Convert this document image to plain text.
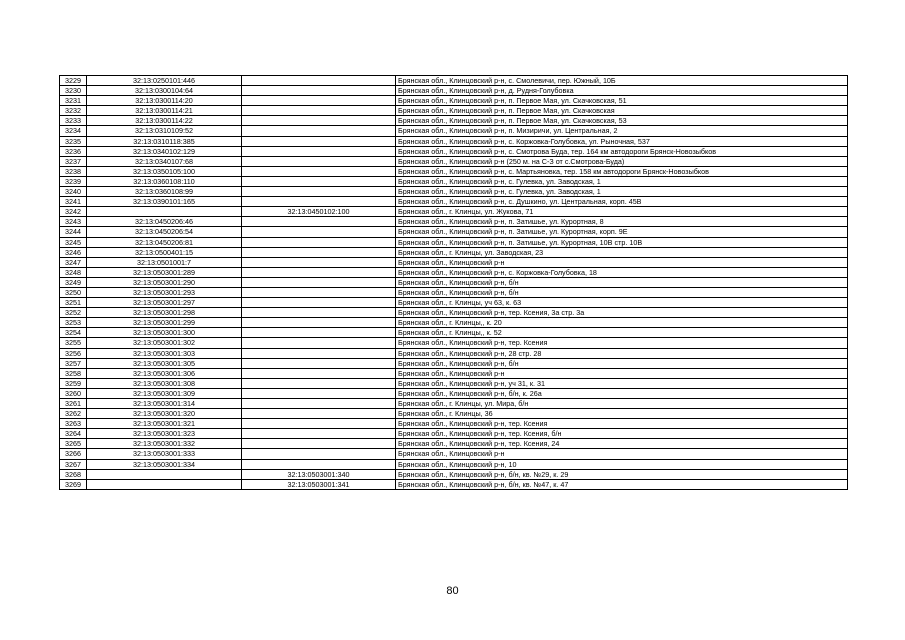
3229	32:13:0250101:446		Брянская обл., Клинцовский р-н, с. Смолевичи, пер. Южный, 10Б
3230	32:13:0300104:64		Брянская обл., Клинцовский р-н, д. Рудня-Голубовка
3231	32:13:0300114:20		Брянская обл., Клинцовский р-н, п. Первое Мая, ул. Скачковская, 51
3232	32:13:0300114:21		Брянская обл., Клинцовский р-н, п. Первое Мая, ул. Скачковская
3233	32:13:0300114:22		Брянская обл., Клинцовский р-н, п. Первое Мая, ул. Скачковская, 53
3234	32:13:0310109:52		Брянская обл., Клинцовский р-н, п. Мизиричи, ул. Центральная, 2
3235	32:13:0310118:385		Брянская обл., Клинцовский р-н, с. Коржовка-Голубовка, ул. Рыночная, 537
3236	32:13:0340102:129		Брянская обл., Клинцовский р-н, с. Смотрова Буда, тер. 164 км автодороги Брянск-Новозыбков
3237	32:13:0340107:68		Брянская обл., Клинцовский р-н (250 м. на С-З от с.Смотрова-Буда)
3238	32:13:0350105:100		Брянская обл., Клинцовский р-н, с. Мартьяновка, тер. 158 км автодороги Брянск-Новозыбков
3239	32:13:0360108:110		Брянская обл., Клинцовский р-н, с. Гулевка, ул. Заводская, 1
3240	32:13:0360108:99		Брянская обл., Клинцовский р-н, с. Гулевка, ул. Заводская, 1
3241	32:13:0390101:165		Брянская обл., Клинцовский р-н, с. Душкино, ул. Центральная, корп. 45В
3242		32:13:0450102:100	Брянская обл., г. Клинцы, ул. Жукова, 71
3243	32:13:0450206:46		Брянская обл., Клинцовский р-н, п. Затишье, ул. Курортная, 8
3244	32:13:0450206:54		Брянская обл., Клинцовский р-н, п. Затишье, ул. Курортная, корп. 9Е
3245	32:13:0450206:81		Брянская обл., Клинцовский р-н, п. Затишье, ул. Курортная, 10В стр. 10В
3246	32:13:0500401:15		Брянская обл., г. Клинцы, ул. Заводская, 23
3247	32:13:0501001:7		Брянская обл., Клинцовский р-н
3248	32:13:0503001:289		Брянская обл., Клинцовский р-н, с. Коржовка-Голубовка, 18
3249	32:13:0503001:290		Брянская обл., Клинцовский р-н, б/н
3250	32:13:0503001:293		Брянская обл., Клинцовский р-н, б/н
3251	32:13:0503001:297		Брянская обл., г. Клинцы, уч 63, к. 63
3252	32:13:0503001:298		Брянская обл., Клинцовский р-н, тер. Ксения, 3а стр. 3а
3253	32:13:0503001:299		Брянская обл., г. Клинцы,, к. 20
3254	32:13:0503001:300		Брянская обл., г. Клинцы,, к. 52
3255	32:13:0503001:302		Брянская обл., Клинцовский р-н, тер. Ксения
3256	32:13:0503001:303		Брянская обл., Клинцовский р-н, 28 стр. 28
3257	32:13:0503001:305		Брянская обл., Клинцовский р-н, б/н
3258	32:13:0503001:306		Брянская обл., Клинцовский р-н
3259	32:13:0503001:308		Брянская обл., Клинцовский р-н, уч 31, к. 31
3260	32:13:0503001:309		Брянская обл., Клинцовский р-н, б/н, к. 26а
3261	32:13:0503001:314		Брянская обл., г. Клинцы, ул. Мира, б/н
3262	32:13:0503001:320		Брянская обл., г. Клинцы, 36
3263	32:13:0503001:321		Брянская обл., Клинцовский р-н, тер. Ксения
3264	32:13:0503001:323		Брянская обл., Клинцовский р-н, тер. Ксения, б/н
3265	32:13:0503001:332		Брянская обл., Клинцовский р-н, тер. Ксения, 24
3266	32:13:0503001:333		Брянская обл., Клинцовский р-н
3267	32:13:0503001:334		Брянская обл., Клинцовский р-н, 10
3268		32:13:0503001:340	Брянская обл., Клинцовский р-н, б/н, кв. №29, к. 29
3269		32:13:0503001:341	Брянская обл., Клинцовский р-н, б/н, кв. №47, к. 47
80
